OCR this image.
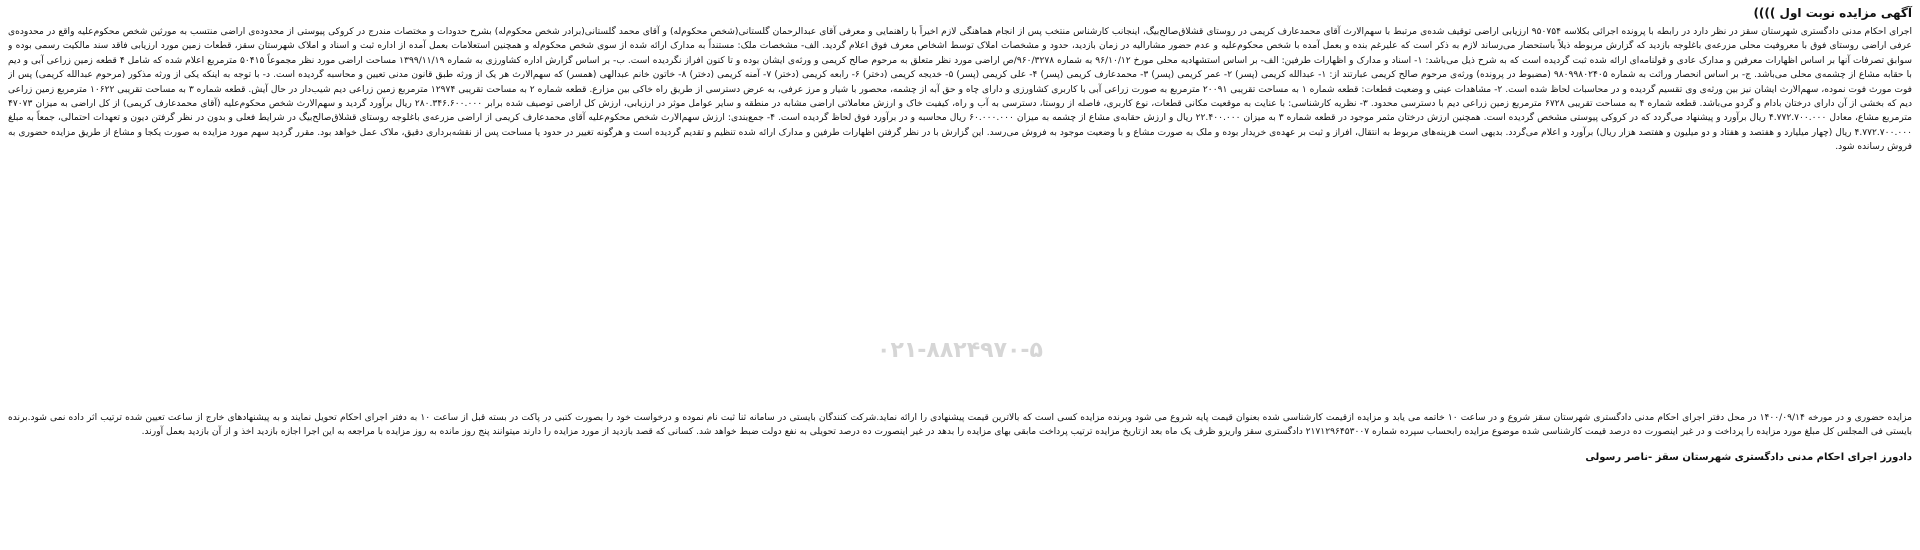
آگهی مزایده نوبت اول ))))

اجرای احکام مدنی دادگستری شهرستان سقز در نظر دارد در رابطه با پرونده اجرائی بکلاسه ۹۵۰۷۵۴ ارزیابی اراضی توقیف شده‌ی مرتبط با سهم‌الارث آقای محمدعارف کریمی در روستای قشلاق‌صالح‌بیگ، اینجانب کارشناس منتخب پس از انجام هماهنگی لازم اخیراً با راهنمایی و معرفی آقای عبدالرحمان گلستانی(شخص محکوم‌له) و آقای محمد گلستانی(برادر شخص محکوم‌له) بشرح حدودات و مختصات مندرج در کروکی پیوستی از محدوده‌ی اراضی منتسب به مورثین شخص محکوم‌علیه واقع در محدوده‌ی عرفی اراضی روستای فوق با معروفیت محلی مزرعه‌ی باغلوجه بازدید که گزارش مربوطه ذیلاً باستحضار می‌رساند لازم به ذکر است که علیرغم بنده و بعمل آمده با شخص محکوم‌علیه و عدم حضور مشارالیه در زمان بازدید، حدود و مشخصات املاک توسط اشخاص معرف فوق اعلام گردید. الف- مشخصات ملک: مستنداً به مدارک ارائه شده از سوی شخص محکوم‌له و همچنین استعلامات بعمل آمده از اداره ثبت و اسناد و املاک شهرستان سقز، قطعات زمین مورد ارزیابی فاقد سند مالکیت رسمی بوده و سوابق تصرفات آنها بر اساس اظهارات معرفین و مدارک عادی و قولنامه‌ای ارائه شده ثبت گردیده است که به شرح ذیل می‌باشد: ۱- اسناد و مدارک و اظهارات طرفین: الف- بر اساس استشهادیه محلی مورخ ۹۶/۱۰/۱۲ به شماره ۹۶۰/۳۲۷۸/ص اراضی مورد نظر متعلق به مرحوم صالح کریمی و ورثه‌ی ایشان بوده و تا کنون افراز نگردیده است. ب- بر اساس گزارش اداره کشاورزی به شماره ۱۳۹۹/۱۱/۱۹ مساحت اراضی مورد نظر مجموعاً ۵۰۴۱۵ مترمربع اعلام شده که شامل ۴ قطعه زمین زراعی آبی و دیم با حقابه مشاع از چشمه‌ی محلی می‌باشد. ج- بر اساس انحصار وراثت به شماره ۹۸۰۹۹۸۰۲۴۰۵ (مضبوط در پرونده) ورثه‌ی مرحوم صالح کریمی عبارتند از: ۱- عبدالله کریمی (پسر) ۲- عمر کریمی (پسر) ۳- محمدعارف کریمی (پسر) ۴- علی کریمی (پسر) ۵- خدیجه کریمی (دختر) ۶- رابعه کریمی (دختر) ۷- آمنه کریمی (دختر) ۸- خاتون خانم عبدالهی (همسر) که سهم‌الارث هر یک از ورثه طبق قانون مدنی تعیین و محاسبه گردیده است. د- با توجه به اینکه یکی از ورثه مذکور (مرحوم عبدالله کریمی) پس از فوت مورث فوت نموده، سهم‌الارث ایشان نیز بین ورثه‌ی وی تقسیم گردیده و در محاسبات لحاظ شده است. ۲- مشاهدات عینی و وضعیت قطعات: قطعه شماره ۱ به مساحت تقریبی ۲۰۰۹۱ مترمربع به صورت زراعی آبی با کاربری کشاورزی و دارای چاه و حق آبه از چشمه، محصور با شیار و مرز عرفی، به عرض دسترسی از طریق راه خاکی بین مزارع. قطعه شماره ۲ به مساحت تقریبی ۱۲۹۷۴ مترمربع زمین زراعی دیم شیب‌دار در حال آیش. قطعه شماره ۳ به مساحت تقریبی ۱۰۶۲۲ مترمربع زمین زراعی دیم که بخشی از آن دارای درختان بادام و گردو می‌باشد. قطعه شماره ۴ به مساحت تقریبی ۶۷۲۸ مترمربع زمین زراعی دیم با دسترسی محدود. ۳- نظریه کارشناسی: با عنایت به موقعیت مکانی قطعات، نوع کاربری، فاصله از روستا، دسترسی به آب و راه، کیفیت خاک و ارزش معاملاتی اراضی مشابه در منطقه و سایر عوامل موثر در ارزیابی، ارزش کل اراضی توصیف شده برابر ۲۸۰.۳۴۶.۶۰۰.۰۰۰ ریال برآورد گردید و سهم‌الارث شخص محکوم‌علیه (آقای محمدعارف کریمی) از کل اراضی به میزان ۴۷۰۷۳ مترمربع مشاع، معادل ۴.۷۷۲.۷۰۰.۰۰۰ ریال برآورد و پیشنهاد می‌گردد که در کروکی پیوستی مشخص گردیده است. همچنین ارزش درختان مثمر موجود در قطعه شماره ۳ به میزان ۲۲.۴۰۰.۰۰۰ ریال و ارزش حقابه‌ی مشاع از چشمه به میزان ۶۰.۰۰۰.۰۰۰ ریال محاسبه و در برآورد فوق لحاظ گردیده است. ۴- جمع‌بندی: ارزش سهم‌الارث شخص محکوم‌علیه آقای محمدعارف کریمی از اراضی مزرعه‌ی باغلوجه روستای قشلاق‌صالح‌بیگ در شرایط فعلی و بدون در نظر گرفتن دیون و تعهدات احتمالی، جمعاً به مبلغ ۴.۷۷۲.۷۰۰.۰۰۰ ریال (چهار میلیارد و هفتصد و هفتاد و دو میلیون و هفتصد هزار ریال) برآورد و اعلام می‌گردد. بدیهی است هزینه‌های مربوط به انتقال، افراز و ثبت بر عهده‌ی خریدار بوده و ملک به صورت مشاع و با وضعیت موجود به فروش می‌رسد. این گزارش با در نظر گرفتن اظهارات طرفین و مدارک ارائه شده تنظیم و تقدیم گردیده است و هرگونه تغییر در حدود یا مساحت پس از نقشه‌برداری دقیق، ملاک عمل خواهد بود. مقرر گردید سهم مورد مزایده به صورت یکجا و مشاع از طریق مزایده حضوری به فروش رسانده شود.

۰۲۱-۸۸۲۴۹۷۰-۵

مزایده حضوری و در مورخه ۱۴۰۰/۰۹/۱۴ در محل دفتر اجرای احکام مدنی دادگستری شهرستان سقز شروع و در ساعت ۱۰ خاتمه می یابد و مزایده ازقیمت کارشناسی شده بعنوان قیمت پایه شروع می شود وبرنده مزایده کسی است که بالاترین قیمت پیشنهادی را ارائه نماید.شرکت کنندگان بایستی در سامانه ثنا ثبت نام نموده و درخواست خود را بصورت کتبی در پاکت در بسته قبل از ساعت ۱۰ به دفتر اجرای احکام تحویل نمایند و به پیشنهادهای خارج از ساعت تعیین شده ترتیب اثر داده نمی شود.برنده بایستی فی المجلس کل مبلغ مورد مزایده را پرداخت و در غیر اینصورت ده درصد قیمت کارشناسی شده موضوع مزایده رابحساب سپرده شماره ۲۱۷۱۲۹۶۴۵۳۰۰۷ دادگستری سقز واریزو ظرف یک ماه بعد ازتاریخ مزایده ترتیب پرداخت مابقی بهای مزایده را بدهد در غیر اینصورت ده درصد تحویلی به نفع دولت ضبط خواهد شد. کسانی که قصد بازدید از مورد مزایده را دارند میتوانند پنج روز مانده به روز مزایده با مراجعه به این اجرا اجازه بازدید اخذ و از آن بازدید بعمل آورند.

دادورز اجرای احکام مدنی دادگستری شهرستان سقز -ناصر رسولی
